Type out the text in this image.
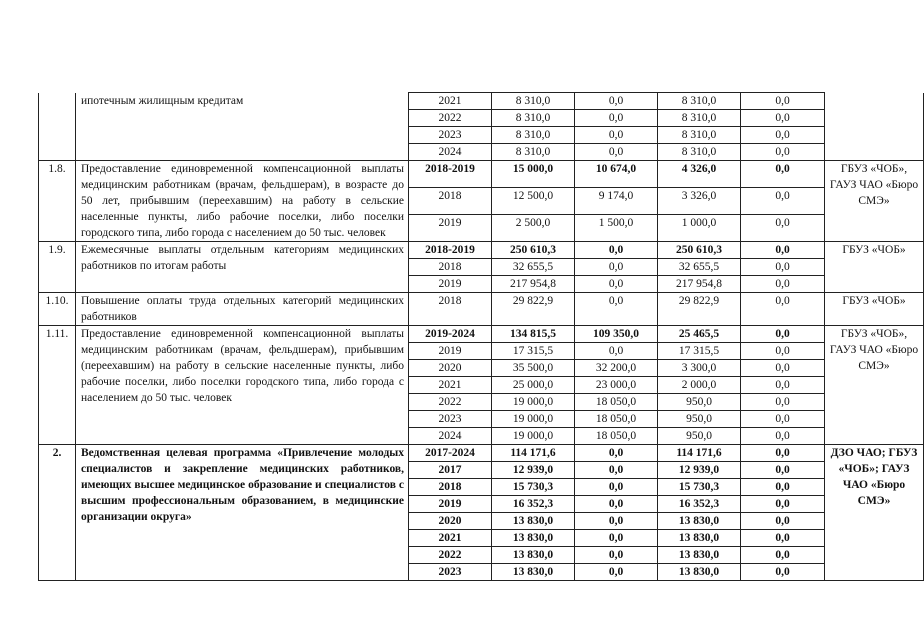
	ипотечным жилищным кредитам	2021	8 310,0	0,0	8 310,0	0,0	
		2022	8 310,0	0,0	8 310,0	0,0	
		2023	8 310,0	0,0	8 310,0	0,0	
		2024	8 310,0	0,0	8 310,0	0,0	
1.8.	Предоставление единовременной компенсационной выплаты медицинским работникам (врачам, фельдшерам), в возрасте до 50 лет, прибывшим (переехавшим) на работу в сельские населенные пункты, либо рабочие поселки, либо поселки городского типа, либо города с населением до 50 тыс. человек	2018-2019	15 000,0	10 674,0	4 326,0	0,0	ГБУЗ «ЧОБ», ГАУЗ ЧАО «Бюро СМЭ»
		2018	12 500,0	9 174,0	3 326,0	0,0	
		2019	2 500,0	1 500,0	1 000,0	0,0	
1.9.	Ежемесячные выплаты отдельным категориям медицинских работников по итогам работы	2018-2019	250 610,3	0,0	250 610,3	0,0	ГБУЗ «ЧОБ»
		2018	32 655,5	0,0	32 655,5	0,0	
		2019	217 954,8	0,0	217 954,8	0,0	
1.10.	Повышение оплаты труда отдельных категорий медицинских работников	2018	29 822,9	0,0	29 822,9	0,0	ГБУЗ «ЧОБ»
1.11.	Предоставление единовременной компенсационной выплаты медицинским работникам (врачам, фельдшерам), прибывшим (переехавшим) на работу в сельские населенные пункты, либо рабочие поселки, либо поселки городского типа, либо города с населением до 50 тыс. человек	2019-2024	134 815,5	109 350,0	25 465,5	0,0	ГБУЗ «ЧОБ», ГАУЗ ЧАО «Бюро СМЭ»
		2019	17 315,5	0,0	17 315,5	0,0	
		2020	35 500,0	32 200,0	3 300,0	0,0	
		2021	25 000,0	23 000,0	2 000,0	0,0	
		2022	19 000,0	18 050,0	950,0	0,0	
		2023	19 000,0	18 050,0	950,0	0,0	
		2024	19 000,0	18 050,0	950,0	0,0	
2.	Ведомственная целевая программа «Привлечение молодых специалистов и закрепление медицинских работников, имеющих высшее медицинское образование и специалистов с высшим профессиональным образованием, в медицинские организации округа»	2017-2024	114 171,6	0,0	114 171,6	0,0	ДЗО ЧАО; ГБУЗ «ЧОБ»; ГАУЗ ЧАО «Бюро СМЭ»
		2017	12 939,0	0,0	12 939,0	0,0	
		2018	15 730,3	0,0	15 730,3	0,0	
		2019	16 352,3	0,0	16 352,3	0,0	
		2020	13 830,0	0,0	13 830,0	0,0	
		2021	13 830,0	0,0	13 830,0	0,0	
		2022	13 830,0	0,0	13 830,0	0,0	
		2023	13 830,0	0,0	13 830,0	0,0	
